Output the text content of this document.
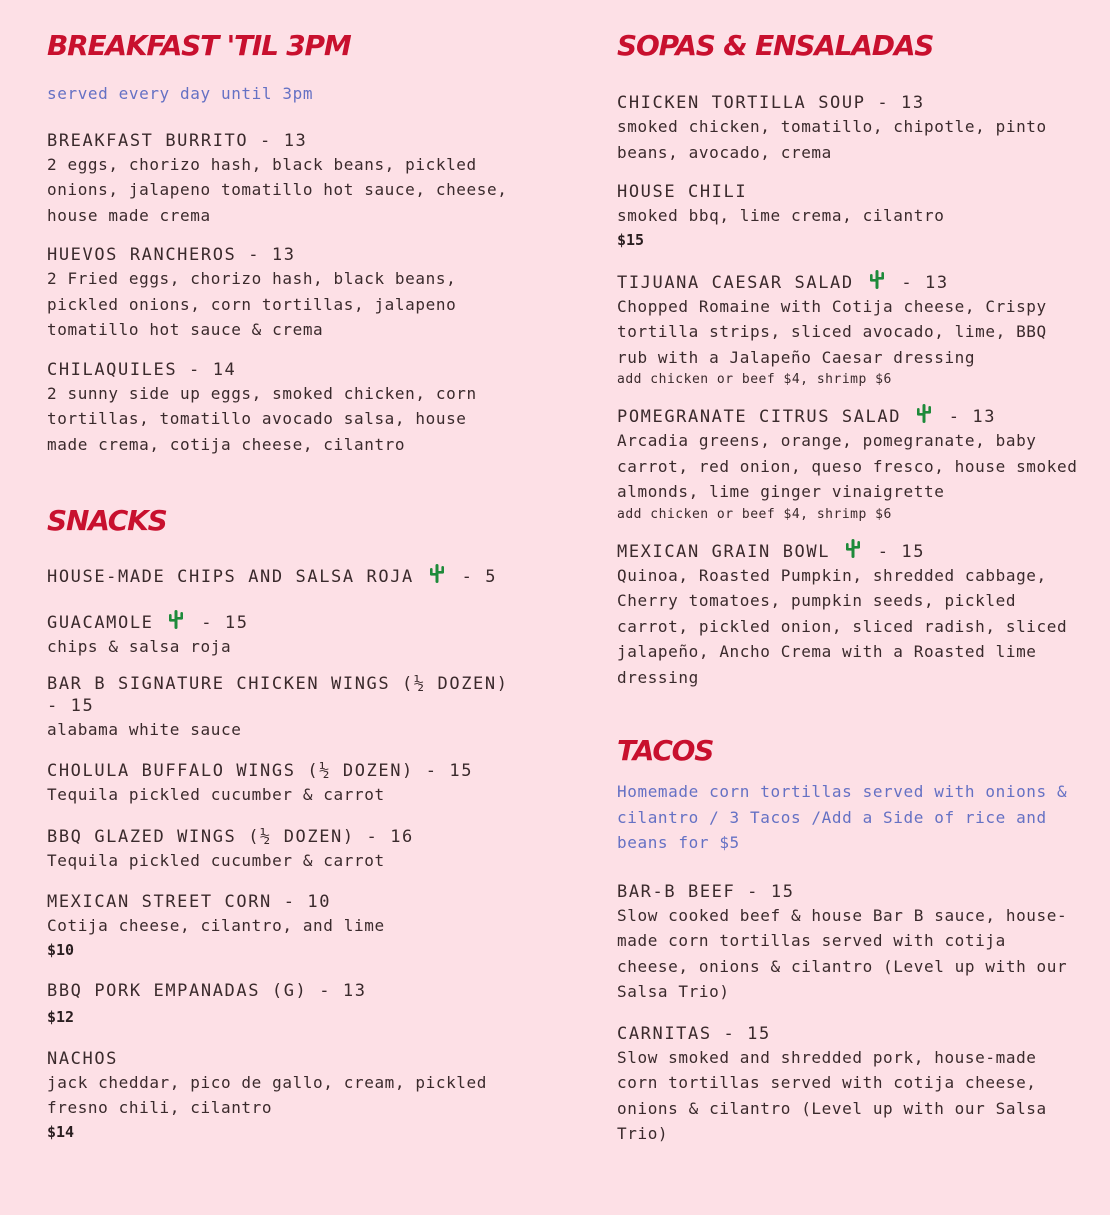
BREAKFAST 'TIL 3PM

served every day until 3pm

BREAKFAST BURRITO - 13

2 eggs, chorizo hash, black beans, pickled onions, jalapeno tomatillo hot sauce, cheese, house made crema

HUEVOS RANCHEROS - 13

2 Fried eggs, chorizo hash, black beans, pickled onions, corn tortillas, jalapeno tomatillo hot sauce & crema

CHILAQUILES - 14

2 sunny side up eggs, smoked chicken, corn tortillas, tomatillo avocado salsa, house made crema, cotija cheese, cilantro

SNACKS

HOUSE-MADE CHIPS AND SALSA ROJA	- 5

GUACAMOLE	- 15

chips & salsa roja

BAR B SIGNATURE CHICKEN WINGS (½ DOZEN) - 15

alabama white sauce

CHOLULA BUFFALO WINGS (½ DOZEN) - 15

Tequila pickled cucumber & carrot

BBQ GLAZED WINGS (½ DOZEN) - 16

Tequila pickled cucumber & carrot

MEXICAN STREET CORN - 10

Cotija cheese, cilantro, and lime

$10

BBQ PORK EMPANADAS (G) - 13

$12

NACHOS

jack cheddar, pico de gallo, cream, pickled fresno chili, cilantro

$14

SOPAS & ENSALADAS

CHICKEN TORTILLA SOUP - 13

smoked chicken, tomatillo, chipotle, pinto beans, avocado, crema

HOUSE CHILI

smoked bbq, lime crema, cilantro

$15

TIJUANA CAESAR SALAD	- 13

Chopped Romaine with Cotija cheese, Crispy tortilla strips, sliced avocado, lime, BBQ rub with a Jalapeño Caesar dressing

add chicken or beef $4, shrimp $6

POMEGRANATE CITRUS SALAD	- 13

Arcadia greens, orange, pomegranate, baby carrot, red onion, queso fresco, house smoked almonds, lime ginger vinaigrette

add chicken or beef $4, shrimp $6

MEXICAN GRAIN BOWL	- 15

Quinoa, Roasted Pumpkin, shredded cabbage, Cherry tomatoes, pumpkin seeds, pickled carrot, pickled onion, sliced radish, sliced jalapeño, Ancho Crema with a Roasted lime dressing

TACOS

Homemade corn tortillas served with onions & cilantro / 3 Tacos /Add a Side of rice and beans for $5

BAR-B BEEF - 15

Slow cooked beef & house Bar B sauce, house-made corn tortillas served with cotija cheese, onions & cilantro (Level up with our Salsa Trio)

CARNITAS - 15

Slow smoked and shredded pork, house-made corn tortillas served with cotija cheese, onions & cilantro (Level up with our Salsa Trio)
